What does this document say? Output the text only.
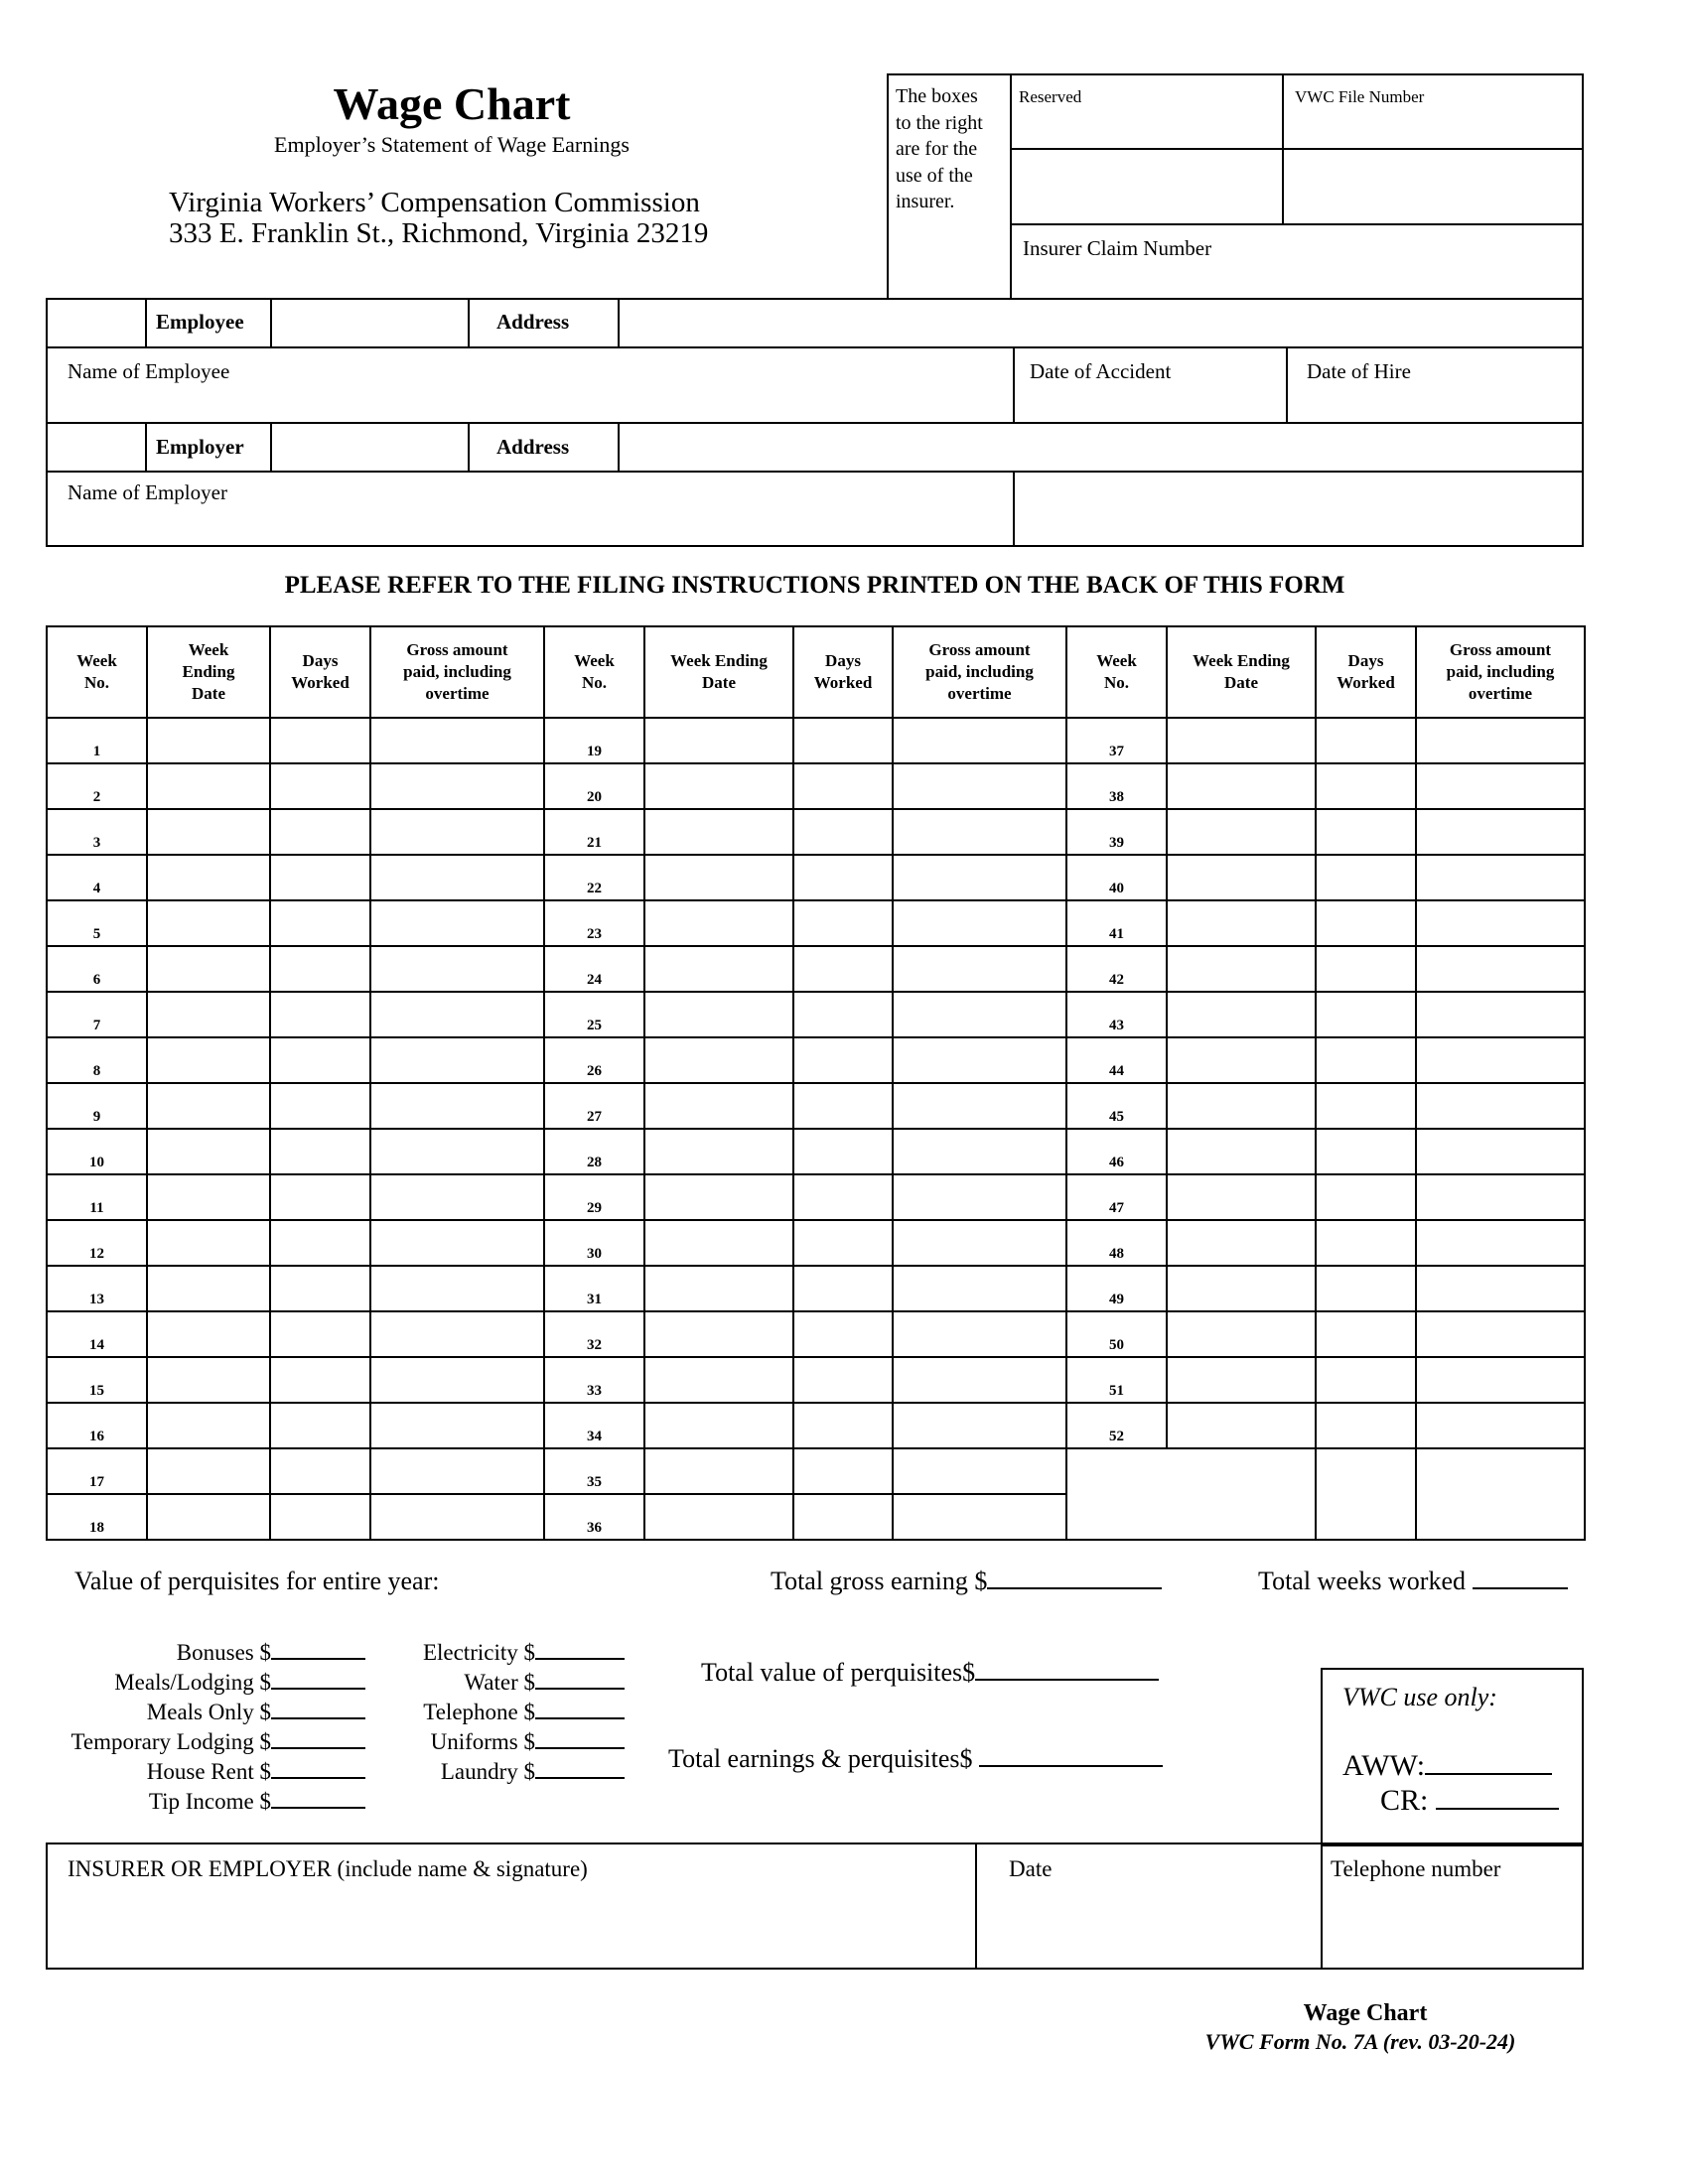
Wage Chart
Employer’s Statement of Wage Earnings
Virginia Workers’ Compensation Commission
333 E. Franklin St., Richmond, Virginia 23219
The boxes
to the right
are for the
use of the
insurer.
Reserved	VWC File Number
Insurer Claim Number
Employee	Address
Name of Employee	Date of Accident	Date of Hire
Employer	Address
Name of Employer
PLEASE REFER TO THE FILING INSTRUCTIONS PRINTED ON THE BACK OF THIS FORM
Week
No.	Week
Ending
Date	Days
Worked	Gross amount
paid, including
overtime	Week
No.	Week Ending
Date	Days
Worked	Gross amount
paid, including
overtime	Week
No.	Week Ending
Date	Days
Worked	Gross amount
paid, including
overtime
1				19				37			
2				20				38			
3				21				39			
4				22				40			
5				23				41			
6				24				42			
7				25				43			
8				26				44			
9				27				45			
10				28				46			
11				29				47			
12				30				48			
13				31				49			
14				32				50			
15				33				51			
16				34				52			
17				35							
18				36							
Value of perquisites for entire year:	Total gross earning $	Total weeks worked
Bonuses $
Meals/Lodging $
Meals Only $
Temporary Lodging $
House Rent $
Tip Income $
Electricity $
Water $
Telephone $
Uniforms $
Laundry $
Total value of perquisites$
Total earnings & perquisites$
VWC use only:
AWW:
CR:
INSURER OR EMPLOYER (include name & signature)	Date	Telephone number
Wage Chart
VWC Form No. 7A (rev. 03-20-24)
